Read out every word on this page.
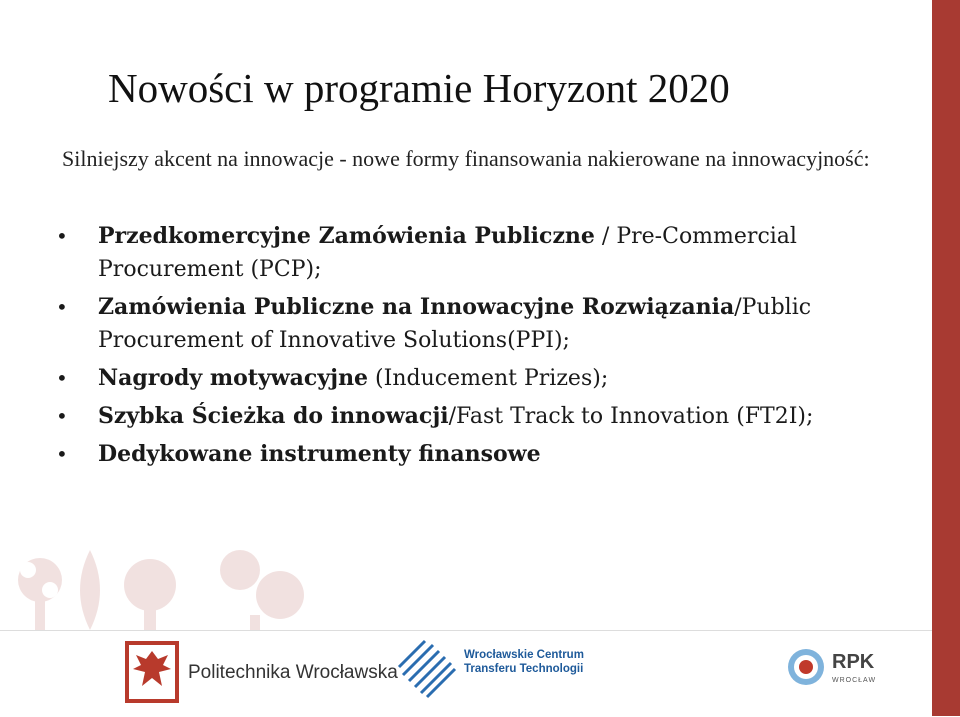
Nowości w programie Horyzont 2020
Silniejszy akcent na innowacje - nowe formy finansowania nakierowane na innowacyjność:
• Przedkomercyjne Zamówienia Publiczne / Pre-Commercial Procurement (PCP);
• Zamówienia Publiczne na Innowacyjne Rozwiązania/Public Procurement of Innovative Solutions(PPI);
• Nagrody motywacyjne (Inducement Prizes);
• Szybka Ścieżka do innowacji/Fast Track to Innovation (FT2I);
• Dedykowane instrumenty finansowe
Politechnika Wrocławska
Wrocławskie Centrum
Transferu Technologii	RPK
WROCŁAW
